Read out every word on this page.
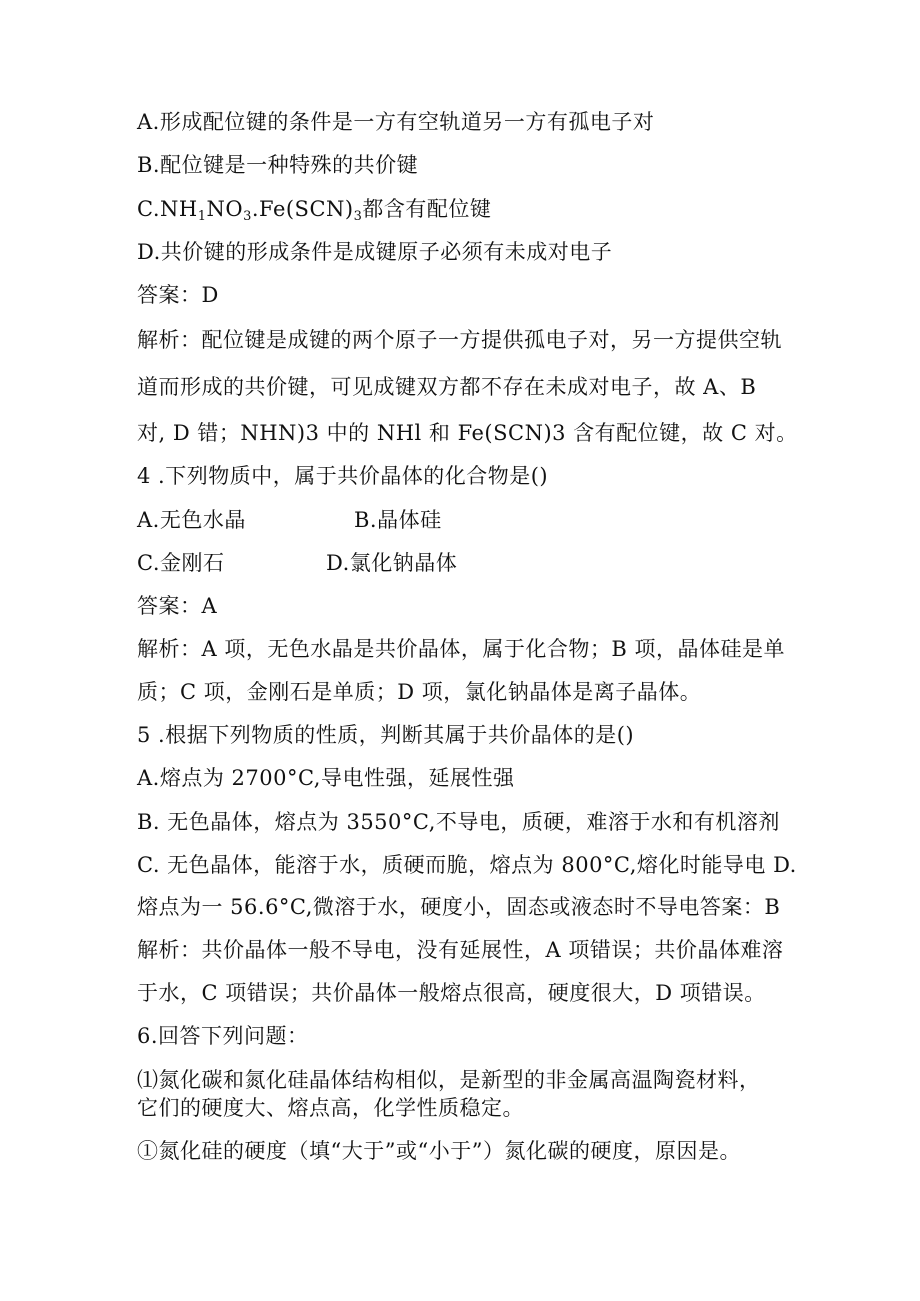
A.形成配位键的条件是一方有空轨道另一方有孤电子对
B.配位键是一种特殊的共价键
$C.NH_1NO_3.Fe(SCN)_3$都含有配位键
D.共价键的形成条件是成键原子必须有未成对电子
答案：D
解析：配位键是成键的两个原子一方提供孤电子对，另一方提供空轨
道而形成的共价键，可见成键双方都不存在未成对电子，故 A、B
对, D 错；NHN)3 中的 NHl 和 Fe(SCN)3 含有配位键，故 C 对。
4 .下列物质中，属于共价晶体的化合物是()
A.无色水晶	B.晶体硅
C.金刚石	D.氯化钠晶体
答案：A
解析：A 项，无色水晶是共价晶体，属于化合物；B 项，晶体硅是单
质；C 项，金刚石是单质；D 项，氯化钠晶体是离子晶体。
5 .根据下列物质的性质，判断其属于共价晶体的是()
A.熔点为 2700°C,导电性强，延展性强
B. 无色晶体，熔点为 3550°C,不导电，质硬，难溶于水和有机溶剂
C. 无色晶体，能溶于水，质硬而脆，熔点为 800°C,熔化时能导电 D.
熔点为一 56.6°C,微溶于水，硬度小，固态或液态时不导电答案：B
解析：共价晶体一般不导电，没有延展性，A 项错误；共价晶体难溶
于水，C 项错误；共价晶体一般熔点很高，硬度很大，D 项错误。
6.回答下列问题：
⑴氮化碳和氮化硅晶体结构相似，是新型的非金属高温陶瓷材料，
它们的硬度大、熔点高，化学性质稳定。
①氮化硅的硬度（填“大于”或“小于”）氮化碳的硬度，原因是。
